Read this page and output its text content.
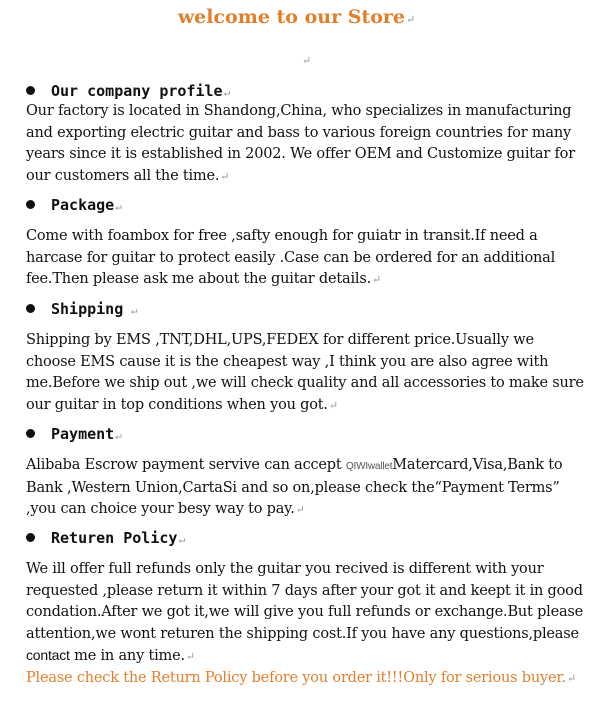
welcome to our Store↵
↵
Our company profile↵
Our factory is located in Shandong,China, who specializes in manufacturing and exporting electric guitar and bass to various foreign countries for many years since it is established in 2002. We offer OEM and Customize guitar for our customers all the time.↵
Package↵
Come with foambox for free ,safty enough for guiatr in transit.If need a harcase for guitar to protect easily .Case can be ordered for an additional fee.Then please ask me about the guitar details.↵
Shipping ↵
Shipping by EMS ,TNT,DHL,UPS,FEDEX for different price.Usually we choose EMS cause it is the cheapest way ,I think you are also agree with me.Before we ship out ,we will check quality and all accessories to make sure our guitar in top conditions when you got.↵
Payment↵
Alibaba Escrow payment servive can accept QIWIwalletMatercard,Visa,Bank to Bank ,Western Union,CartaSi and so on,please check the“Payment Terms” ,you can choice your besy way to pay.↵
Returen Policy↵
We ill offer full refunds only the guitar you recived is different with your requested ,please return it within 7 days after your got it and keept it in good condation.After we got it,we will give you full refunds or exchange.But please attention,we wont returen the shipping cost.If you have any questions,please contact me in any time.↵
Please check the Return Policy before you order it!!!Only for serious buyer.↵
